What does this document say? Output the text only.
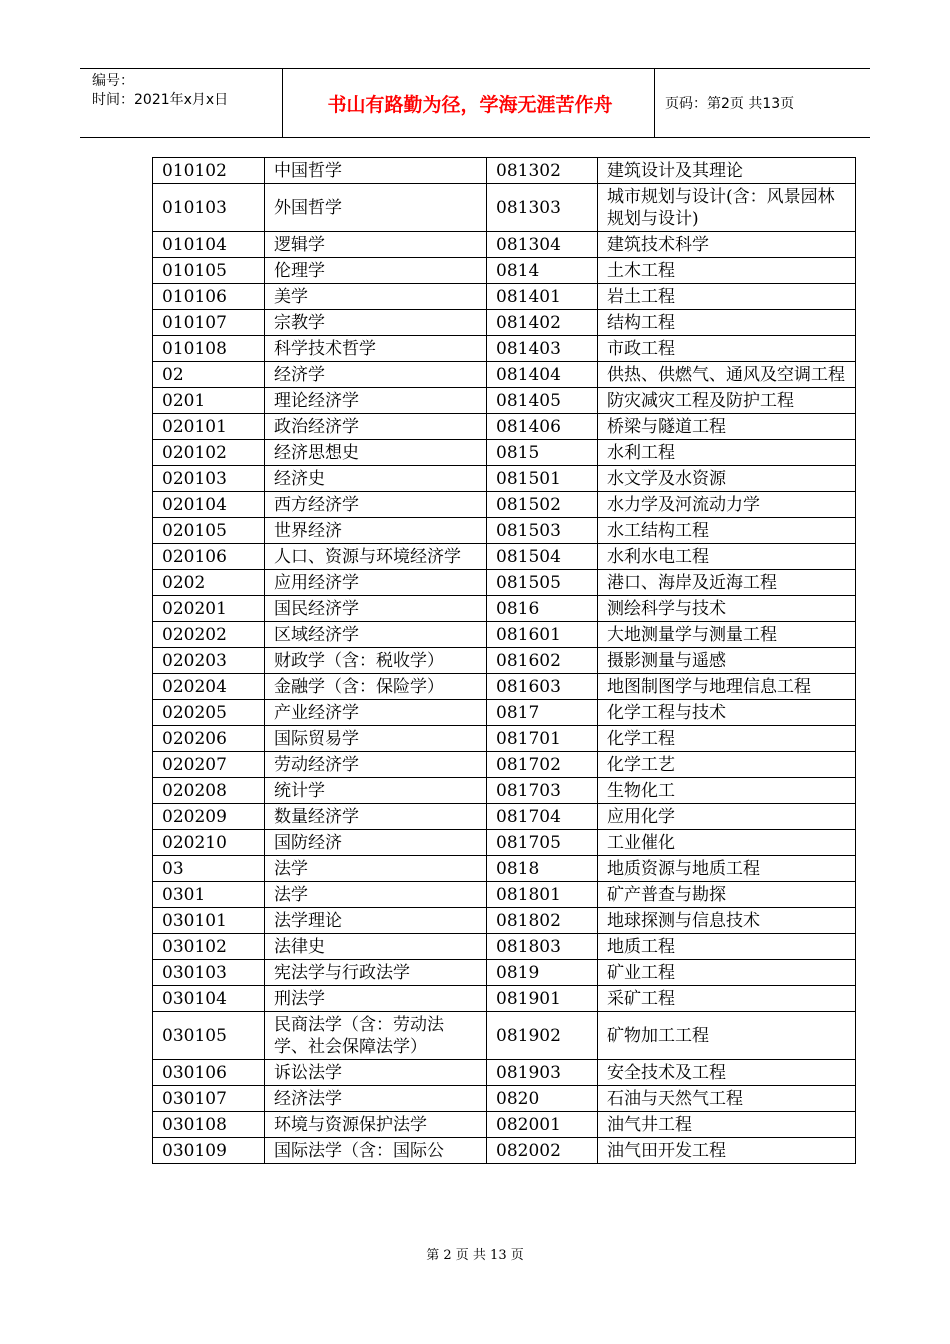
编号：
时间：2021年x月x日	书山有路勤为径，学海无涯苦作舟	页码：第2页 共13页
010102	中国哲学	081302	建筑设计及其理论
010103	外国哲学	081303	城市规划与设计(含：风景园林规划与设计)
010104	逻辑学	081304	建筑技术科学
010105	伦理学	0814	土木工程
010106	美学	081401	岩土工程
010107	宗教学	081402	结构工程
010108	科学技术哲学	081403	市政工程
02	经济学	081404	供热、供燃气、通风及空调工程
0201	理论经济学	081405	防灾减灾工程及防护工程
020101	政治经济学	081406	桥梁与隧道工程
020102	经济思想史	0815	水利工程
020103	经济史	081501	水文学及水资源
020104	西方经济学	081502	水力学及河流动力学
020105	世界经济	081503	水工结构工程
020106	人口、资源与环境经济学	081504	水利水电工程
0202	应用经济学	081505	港口、海岸及近海工程
020201	国民经济学	0816	测绘科学与技术
020202	区域经济学	081601	大地测量学与测量工程
020203	财政学（含：税收学）	081602	摄影测量与遥感
020204	金融学（含：保险学）	081603	地图制图学与地理信息工程
020205	产业经济学	0817	化学工程与技术
020206	国际贸易学	081701	化学工程
020207	劳动经济学	081702	化学工艺
020208	统计学	081703	生物化工
020209	数量经济学	081704	应用化学
020210	国防经济	081705	工业催化
03	法学	0818	地质资源与地质工程
0301	法学	081801	矿产普查与勘探
030101	法学理论	081802	地球探测与信息技术
030102	法律史	081803	地质工程
030103	宪法学与行政法学	0819	矿业工程
030104	刑法学	081901	采矿工程
030105	民商法学（含：劳动法学、社会保障法学）	081902	矿物加工工程
030106	诉讼法学	081903	安全技术及工程
030107	经济法学	0820	石油与天然气工程
030108	环境与资源保护法学	082001	油气井工程
030109	国际法学（含：国际公	082002	油气田开发工程
第 2 页 共 13 页
